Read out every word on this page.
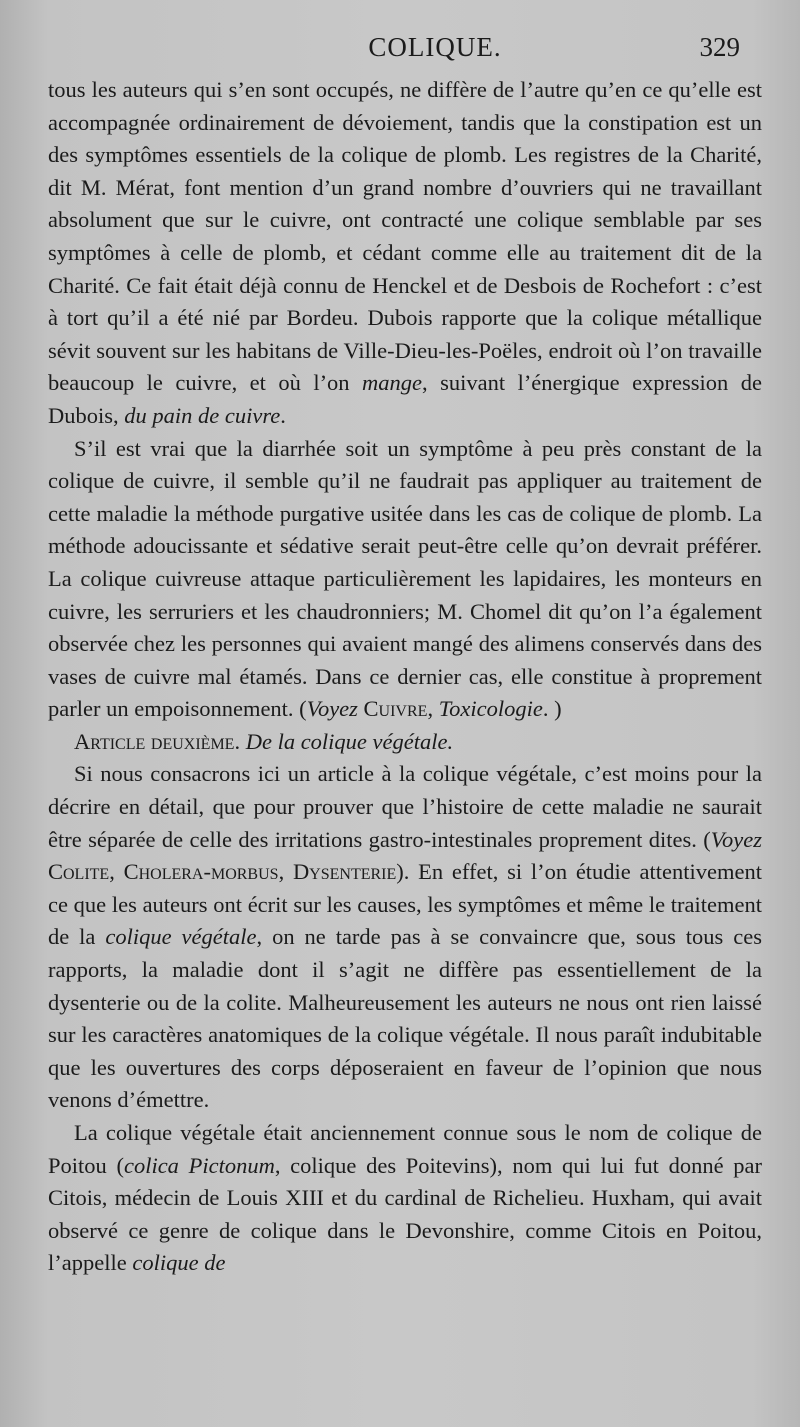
COLIQUE.	329

tous les auteurs qui s’en sont occupés, ne diffère de l’autre qu’en ce qu’elle est accompagnée ordinairement de dévoiement, tandis que la constipation est un des symptômes essentiels de la colique de plomb. Les registres de la Charité, dit M. Mérat, font mention d’un grand nombre d’ouvriers qui ne travaillant absolument que sur le cuivre, ont contracté une colique semblable par ses symptômes à celle de plomb, et cédant comme elle au traitement dit de la Charité. Ce fait était déjà connu de Henckel et de Desbois de Rochefort : c’est à tort qu’il a été nié par Bordeu. Dubois rapporte que la colique métallique sévit souvent sur les habitans de Ville-Dieu-les-Poëles, endroit où l’on travaille beaucoup le cuivre, et où l’on mange, suivant l’énergique expression de Dubois, du pain de cuivre.

S’il est vrai que la diarrhée soit un symptôme à peu près constant de la colique de cuivre, il semble qu’il ne faudrait pas appliquer au traitement de cette maladie la méthode purgative usitée dans les cas de colique de plomb. La méthode adoucissante et sédative serait peut-être celle qu’on devrait préférer. La colique cuivreuse attaque particulièrement les lapidaires, les monteurs en cuivre, les serruriers et les chaudronniers; M. Chomel dit qu’on l’a également observée chez les personnes qui avaient mangé des alimens conservés dans des vases de cuivre mal étamés. Dans ce dernier cas, elle constitue à proprement parler un empoisonnement. (Voyez Cuivre, Toxicologie. )

Article deuxième. De la colique végétale.

Si nous consacrons ici un article à la colique végétale, c’est moins pour la décrire en détail, que pour prouver que l’histoire de cette maladie ne saurait être séparée de celle des irritations gastro-intestinales proprement dites. (Voyez Colite, Cholera-morbus, Dysenterie). En effet, si l’on étudie attentivement ce que les auteurs ont écrit sur les causes, les symptômes et même le traitement de la colique végétale, on ne tarde pas à se convaincre que, sous tous ces rapports, la maladie dont il s’agit ne diffère pas essentiellement de la dysenterie ou de la colite. Malheureusement les auteurs ne nous ont rien laissé sur les caractères anatomiques de la colique végétale. Il nous paraît indubitable que les ouvertures des corps déposeraient en faveur de l’opinion que nous venons d’émettre.

La colique végétale était anciennement connue sous le nom de colique de Poitou (colica Pictonum, colique des Poitevins), nom qui lui fut donné par Citois, médecin de Louis XIII et du cardinal de Richelieu. Huxham, qui avait observé ce genre de colique dans le Devonshire, comme Citois en Poitou, l’appelle colique de
